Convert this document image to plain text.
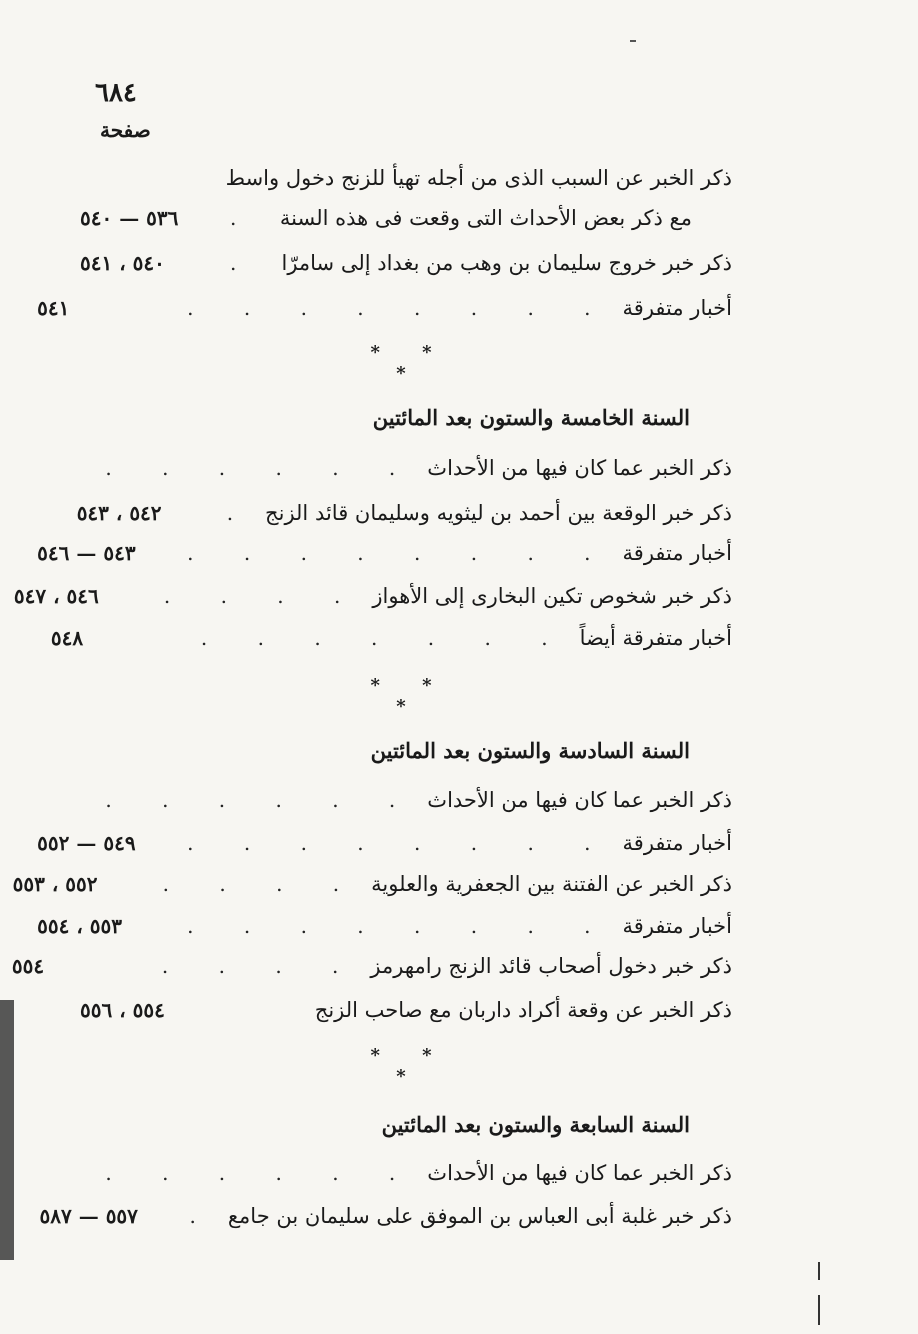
٦٨٤
صفحة
ذكر الخبر عن السبب الذى من أجله تهيأ للزنج دخول واسط
مع ذكر بعض الأحداث التى وقعت فى هذه السنة
.
٥٣٦ — ٥٤٠
ذكر خبر خروج سليمان بن وهب من بغداد إلى سامرّا
.
٥٤٠ ، ٥٤١
أخبار متفرقة
. . . . . . . .
٥٤١
* * *
السنة الخامسة والستون بعد المائتين
ذكر الخبر عما كان فيها من الأحداث
. . . . . .
ذكر خبر الوقعة بين أحمد بن ليثويه وسليمان قائد الزنج
.
٥٤٢ ، ٥٤٣
أخبار متفرقة
. . . . . . . .
٥٤٣ — ٥٤٦
ذكر خبر شخوص تكين البخارى إلى الأهواز
. . . .
٥٤٦ ، ٥٤٧
أخبار متفرقة أيضاً
. . . . . . .
٥٤٨
* * *
السنة السادسة والستون بعد المائتين
ذكر الخبر عما كان فيها من الأحداث
. . . . . .
أخبار متفرقة
. . . . . . . .
٥٤٩ — ٥٥٢
ذكر الخبر عن الفتنة بين الجعفرية والعلوية
. . . .
٥٥٢ ، ٥٥٣
أخبار متفرقة
. . . . . . . .
٥٥٣ ، ٥٥٤
ذكر خبر دخول أصحاب قائد الزنج رامهرمز
. . . .
٥٥٤
ذكر الخبر عن وقعة أكراد داربان مع صاحب الزنج
٥٥٤ ، ٥٥٦
* * *
السنة السابعة والستون بعد المائتين
ذكر الخبر عما كان فيها من الأحداث
. . . . . .
ذكر خبر غلبة أبى العباس بن الموفق على سليمان بن جامع
.
٥٥٧ — ٥٨٧
